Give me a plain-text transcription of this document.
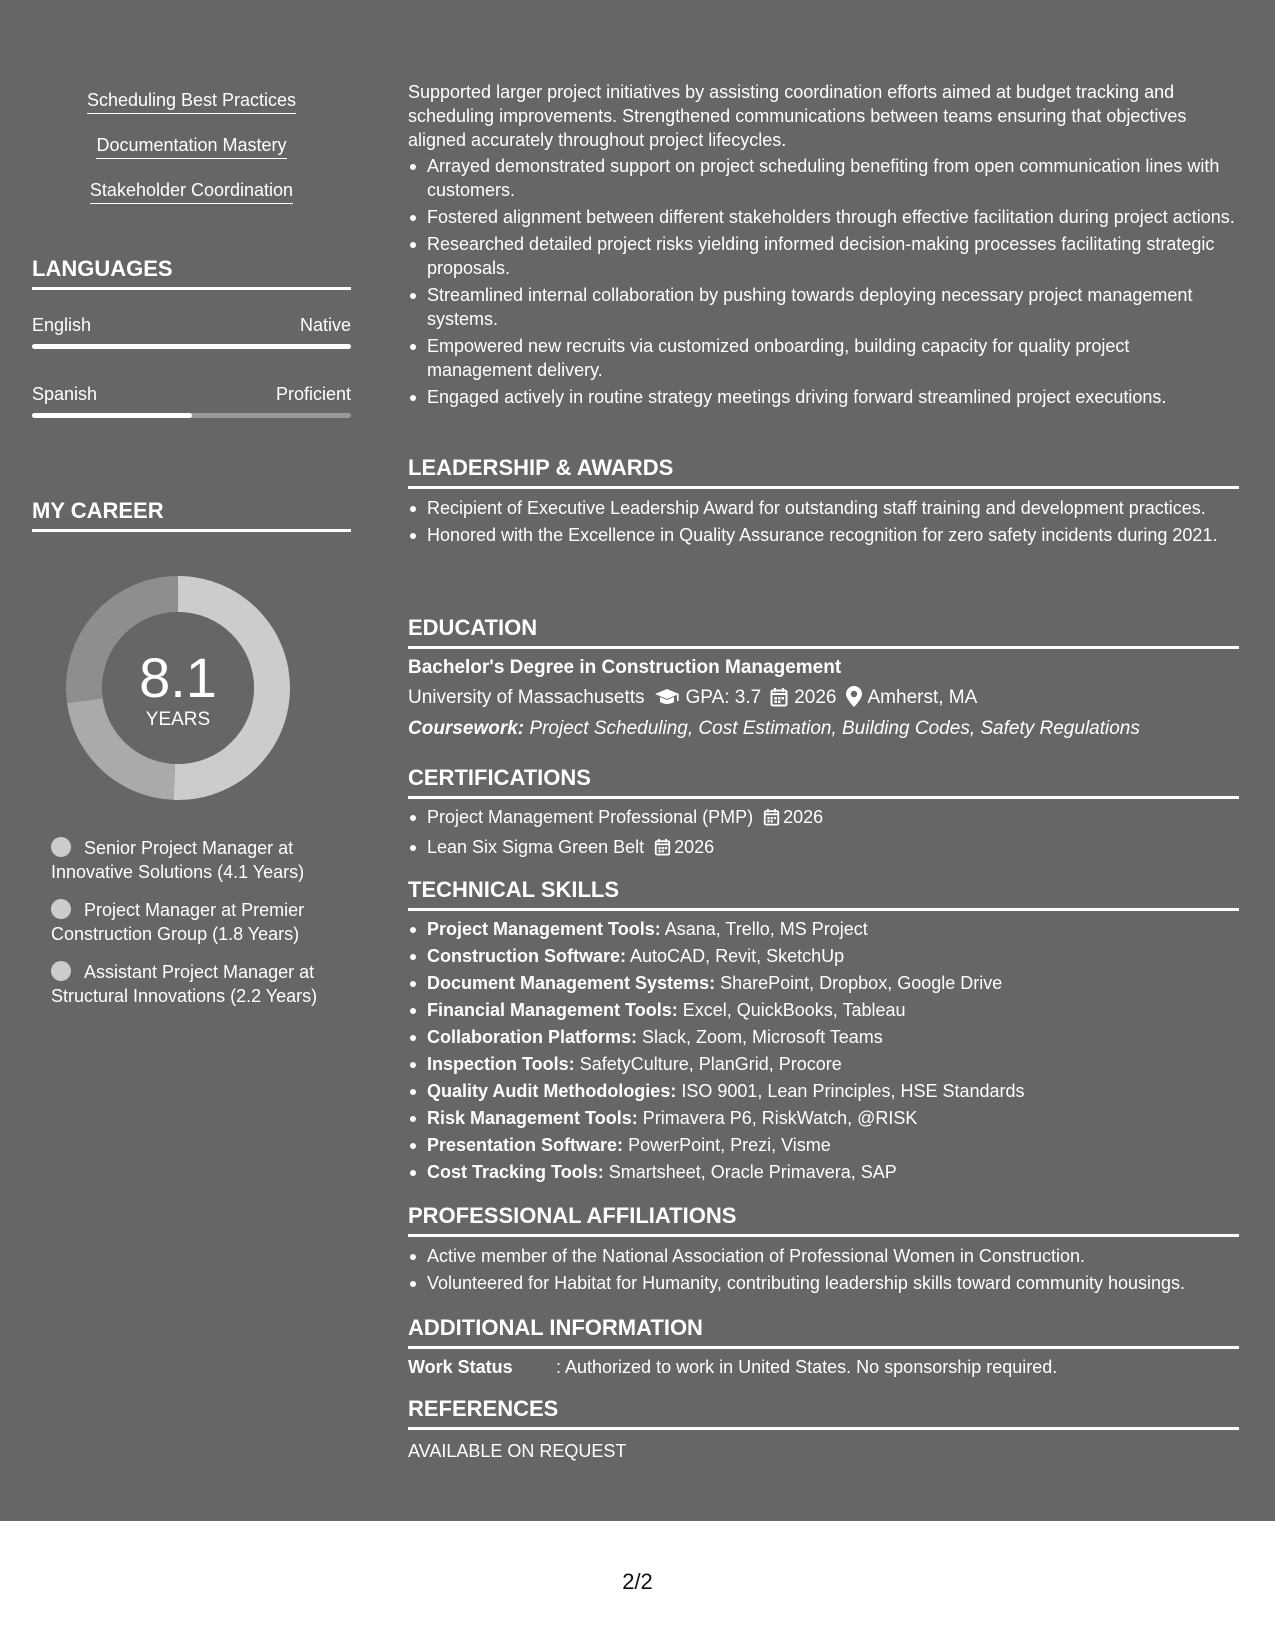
Scheduling Best Practices
Documentation Mastery
Stakeholder Coordination
LANGUAGES
English	Native
Spanish	Proficient
MY CAREER
8.1
YEARS
Senior Project Manager at Innovative Solutions (4.1 Years)
Project Manager at Premier Construction Group (1.8 Years)
Assistant Project Manager at Structural Innovations (2.2 Years)
Supported larger project initiatives by assisting coordination efforts aimed at budget tracking and scheduling improvements. Strengthened communications between teams ensuring that objectives aligned accurately throughout project lifecycles.
Arrayed demonstrated support on project scheduling benefiting from open communication lines with customers.
Fostered alignment between different stakeholders through effective facilitation during project actions.
Researched detailed project risks yielding informed decision-making processes facilitating strategic proposals.
Streamlined internal collaboration by pushing towards deploying necessary project management systems.
Empowered new recruits via customized onboarding, building capacity for quality project management delivery.
Engaged actively in routine strategy meetings driving forward streamlined project executions.
LEADERSHIP & AWARDS
Recipient of Executive Leadership Award for outstanding staff training and development practices.
Honored with the Excellence in Quality Assurance recognition for zero safety incidents during 2021.
EDUCATION
Bachelor's Degree in Construction Management
University of Massachusetts GPA: 3.7 2026 Amherst, MA
Coursework: Project Scheduling, Cost Estimation, Building Codes, Safety Regulations
CERTIFICATIONS
Project Management Professional (PMP) 2026
Lean Six Sigma Green Belt 2026
TECHNICAL SKILLS
Project Management Tools: Asana, Trello, MS Project
Construction Software: AutoCAD, Revit, SketchUp
Document Management Systems: SharePoint, Dropbox, Google Drive
Financial Management Tools: Excel, QuickBooks, Tableau
Collaboration Platforms: Slack, Zoom, Microsoft Teams
Inspection Tools: SafetyCulture, PlanGrid, Procore
Quality Audit Methodologies: ISO 9001, Lean Principles, HSE Standards
Risk Management Tools: Primavera P6, RiskWatch, @RISK
Presentation Software: PowerPoint, Prezi, Visme
Cost Tracking Tools: Smartsheet, Oracle Primavera, SAP
PROFESSIONAL AFFILIATIONS
Active member of the National Association of Professional Women in Construction.
Volunteered for Habitat for Humanity, contributing leadership skills toward community housings.
ADDITIONAL INFORMATION
Work Status : Authorized to work in United States. No sponsorship required.
REFERENCES
AVAILABLE ON REQUEST
2/2
